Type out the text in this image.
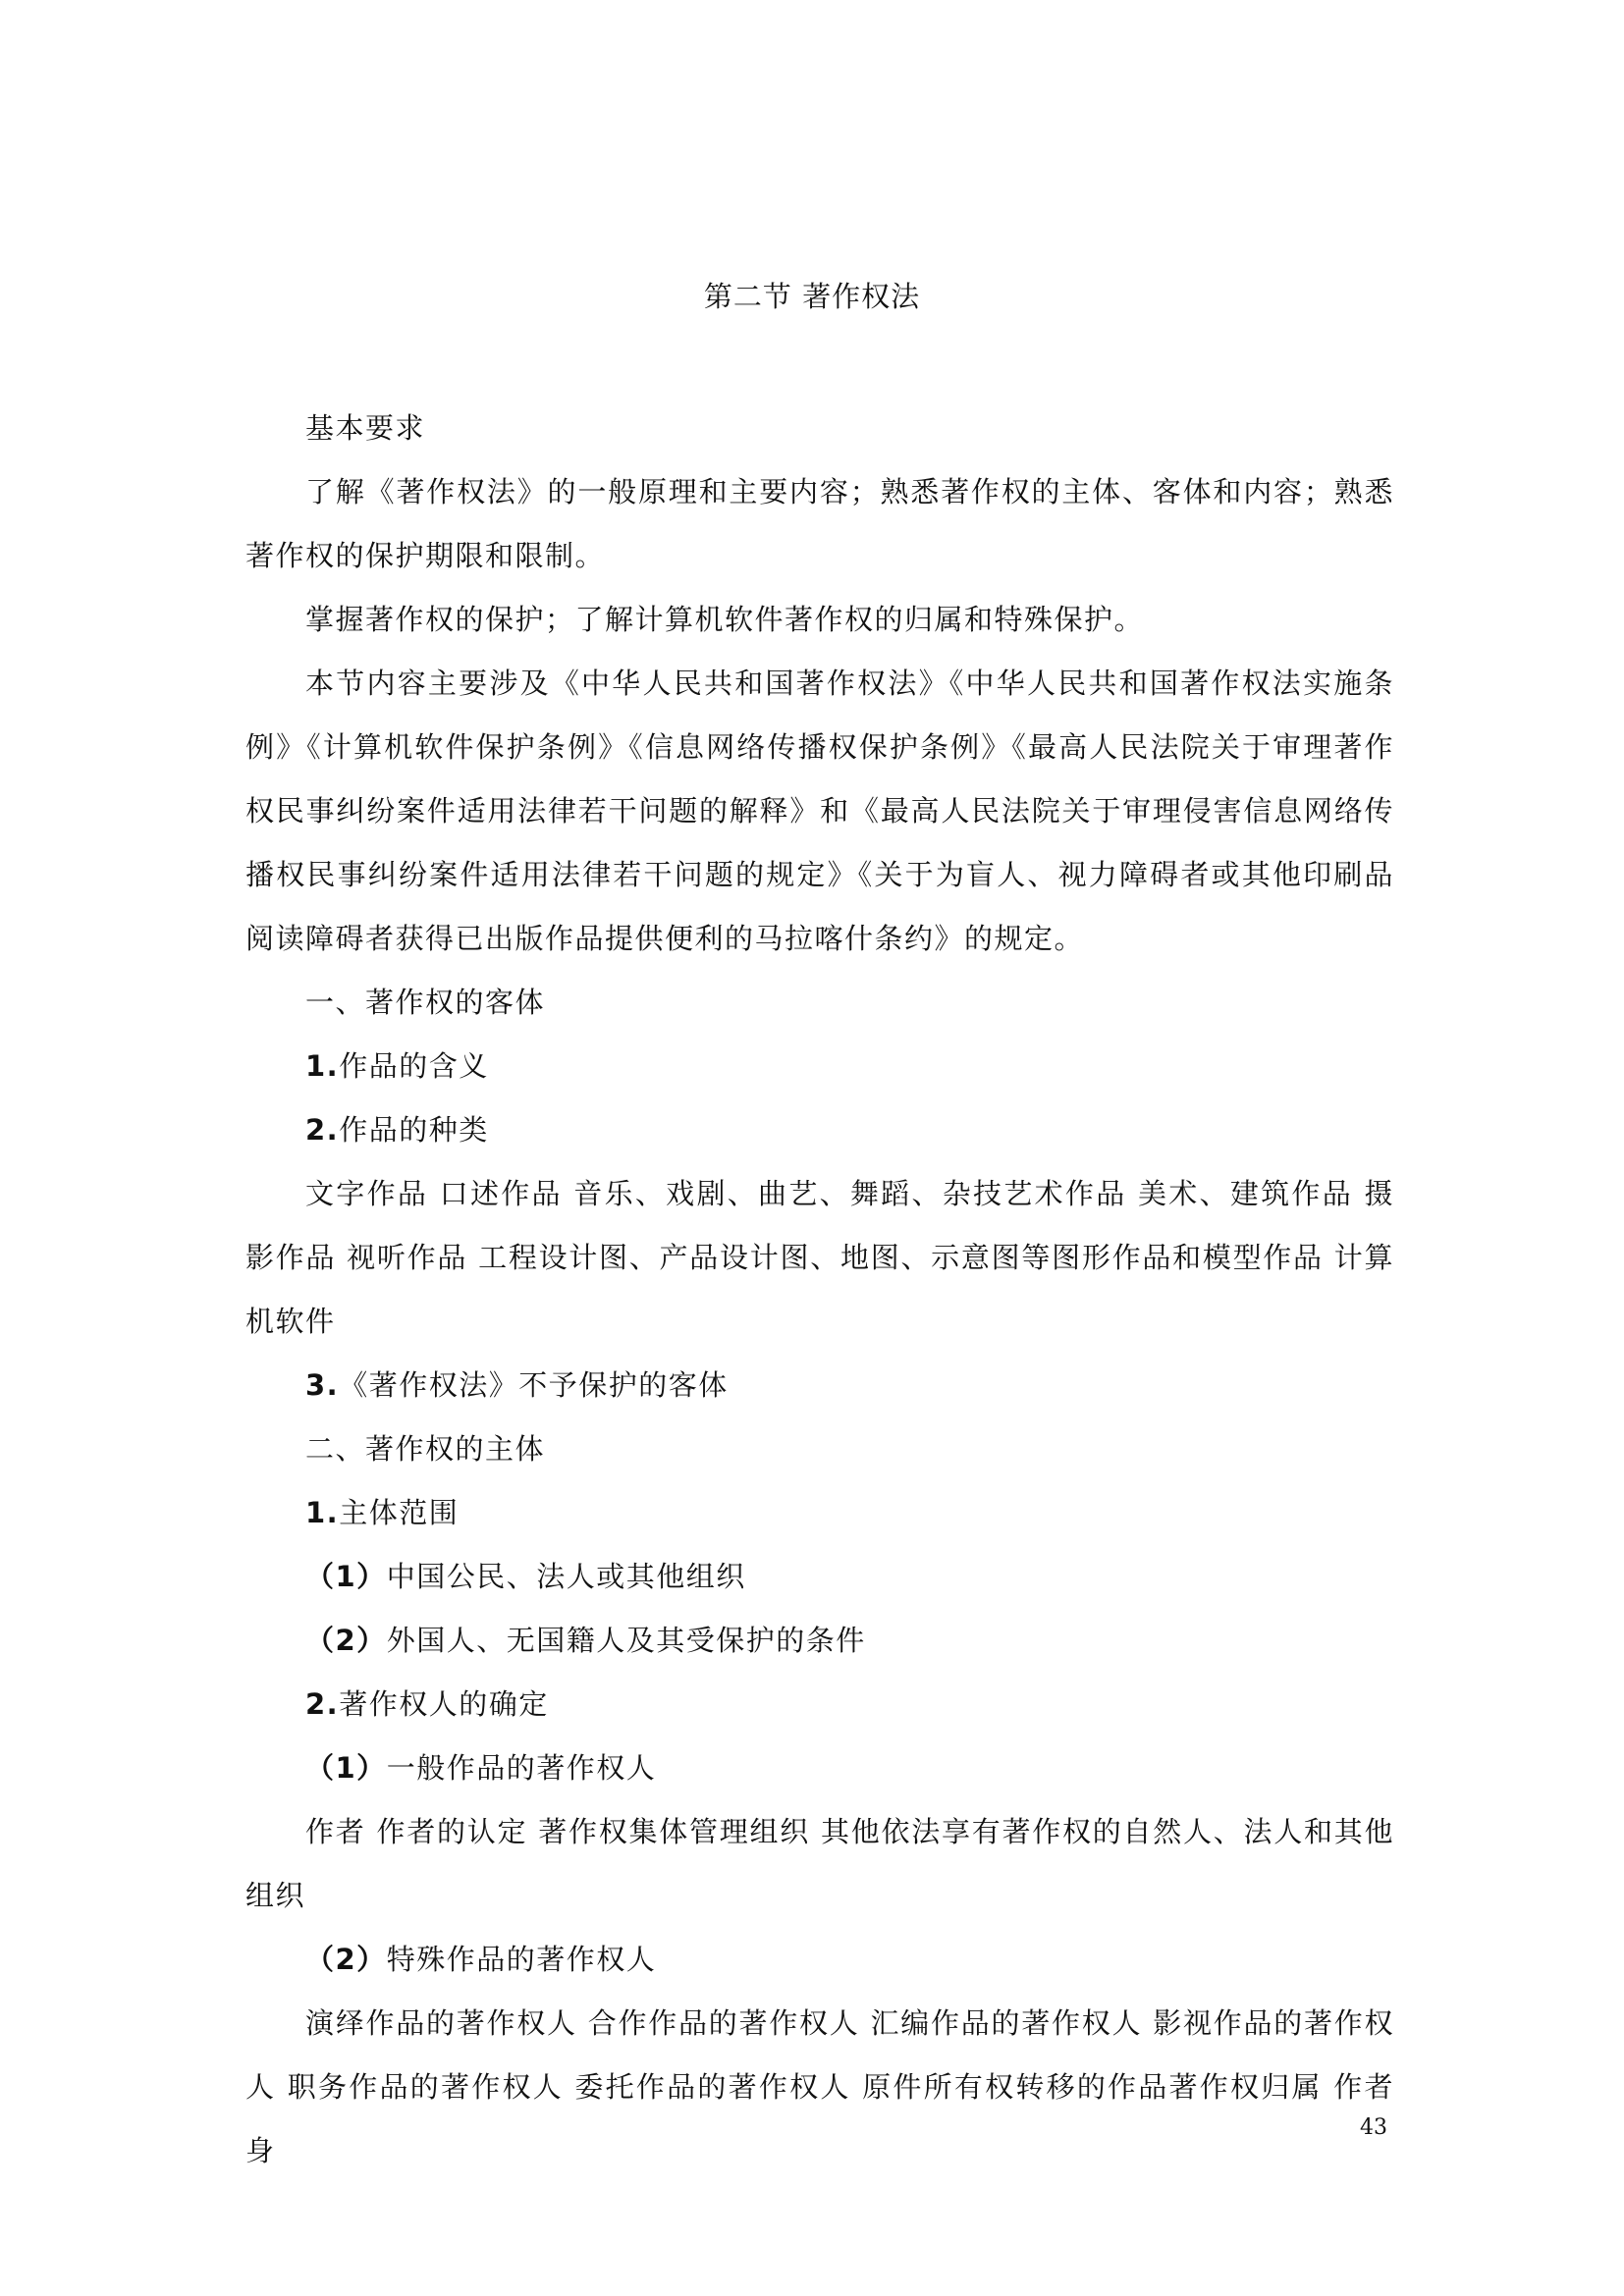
第二节 著作权法

基本要求

了解《著作权法》的一般原理和主要内容；熟悉著作权的主体、客体和内容；熟悉著作权的保护期限和限制。

掌握著作权的保护；了解计算机软件著作权的归属和特殊保护。

本节内容主要涉及《中华人民共和国著作权法》《中华人民共和国著作权法实施条例》《计算机软件保护条例》《信息网络传播权保护条例》《最高人民法院关于审理著作权民事纠纷案件适用法律若干问题的解释》和《最高人民法院关于审理侵害信息网络传播权民事纠纷案件适用法律若干问题的规定》《关于为盲人、视力障碍者或其他印刷品阅读障碍者获得已出版作品提供便利的马拉喀什条约》的规定。

一、著作权的客体

1.作品的含义

2.作品的种类

文字作品 口述作品 音乐、戏剧、曲艺、舞蹈、杂技艺术作品 美术、建筑作品 摄影作品 视听作品 工程设计图、产品设计图、地图、示意图等图形作品和模型作品 计算机软件

3.《著作权法》不予保护的客体

二、著作权的主体

1.主体范围

（1）中国公民、法人或其他组织

（2）外国人、无国籍人及其受保护的条件

2.著作权人的确定

（1）一般作品的著作权人

作者 作者的认定 著作权集体管理组织 其他依法享有著作权的自然人、法人和其他组织

（2）特殊作品的著作权人

演绎作品的著作权人 合作作品的著作权人 汇编作品的著作权人 影视作品的著作权人 职务作品的著作权人 委托作品的著作权人 原件所有权转移的作品著作权归属 作者身

43
